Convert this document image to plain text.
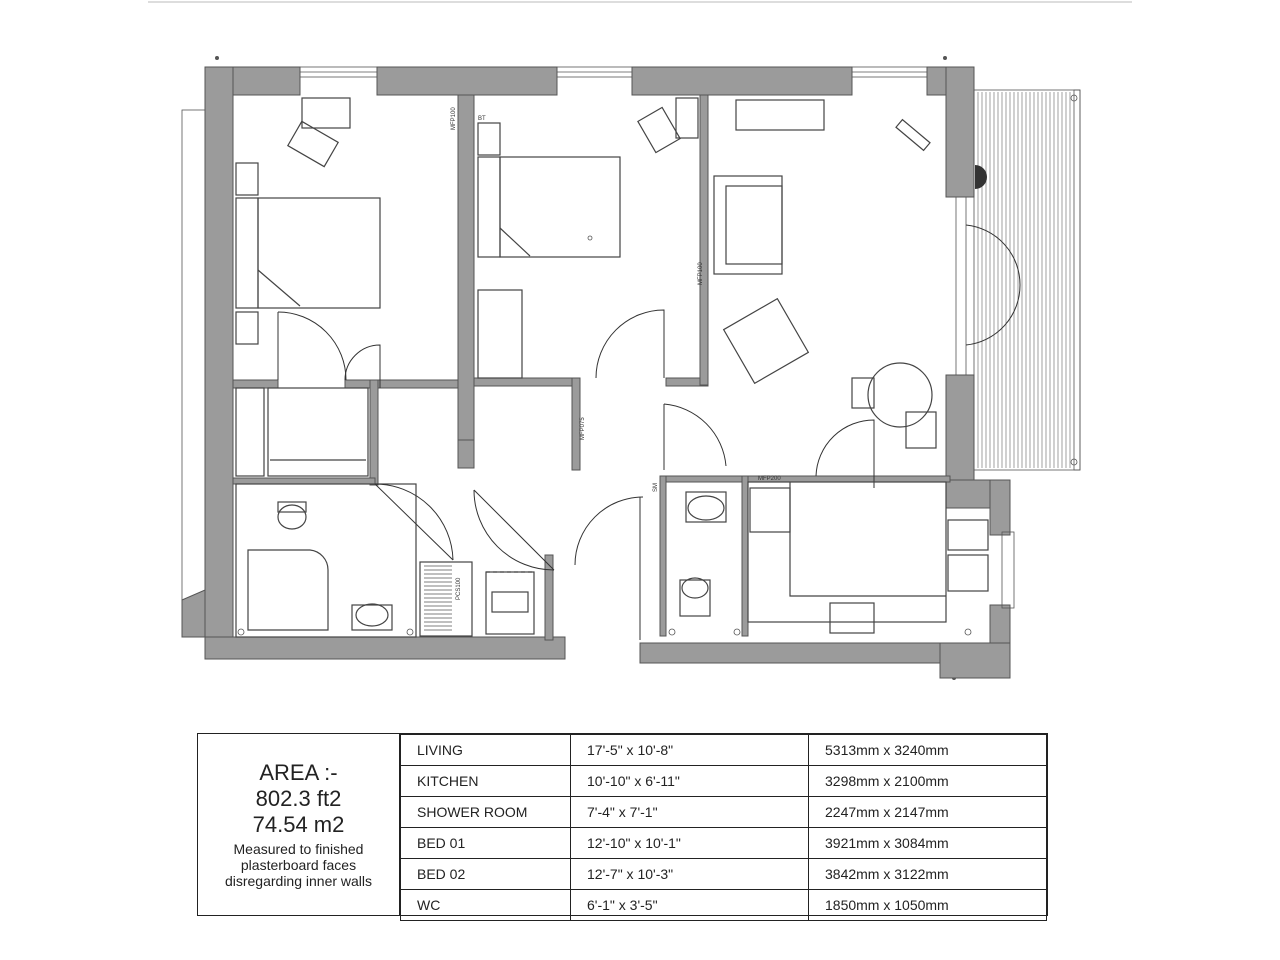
PCS100
MFP075
MFP100
BT
MFP100
SM
MFP200
AREA :-
802.3 ft2
74.54 m2
Measured to finished
plasterboard faces
disregarding inner walls
LIVING	17'-5" x 10'-8"	5313mm x 3240mm
KITCHEN	10'-10" x 6'-11"	3298mm x 2100mm
SHOWER ROOM	7'-4" x 7'-1"	2247mm x 2147mm
BED 01	12'-10" x 10'-1"	3921mm x 3084mm
BED 02	12'-7" x 10'-3"	3842mm x 3122mm
WC	6'-1" x 3'-5"	1850mm x 1050mm
